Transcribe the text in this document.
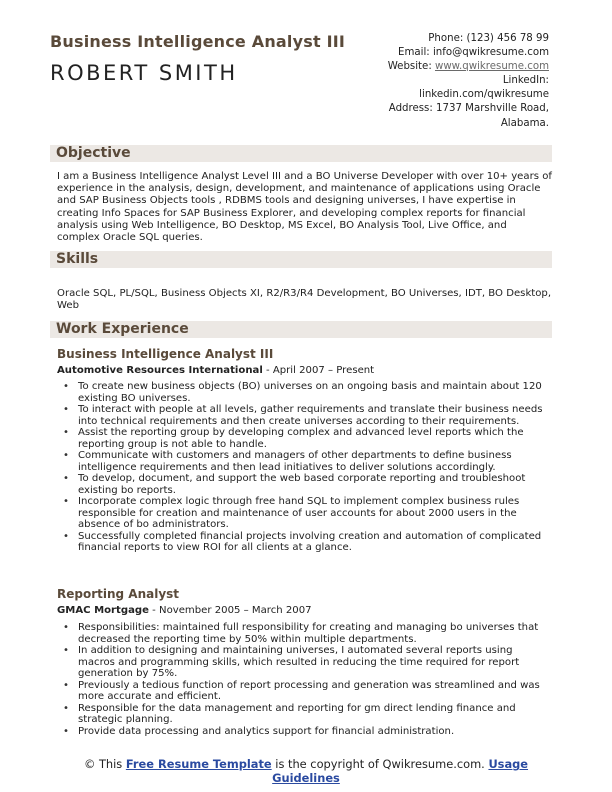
Business Intelligence Analyst III
ROBERT SMITH
Phone: (123) 456 78 99
Email: info@qwikresume.com
Website: www.qwikresume.com
LinkedIn:
linkedin.com/qwikresume
Address: 1737 Marshville Road,
Alabama.
Objective
I am a Business Intelligence Analyst Level III and a BO Universe Developer with over 10+ years of experience in the analysis, design, development, and maintenance of applications using Oracle and SAP Business Objects tools , RDBMS tools and designing universes, I have expertise in creating Info Spaces for SAP Business Explorer, and developing complex reports for financial analysis using Web Intelligence, BO Desktop, MS Excel, BO Analysis Tool, Live Office, and complex Oracle SQL queries.
Skills
Oracle SQL, PL/SQL, Business Objects XI, R2/R3/R4 Development, BO Universes, IDT, BO Desktop, Web
Work Experience
Business Intelligence Analyst III
Automotive Resources International - April 2007 – Present
• To create new business objects (BO) universes on an ongoing basis and maintain about 120 existing BO universes.
• To interact with people at all levels, gather requirements and translate their business needs into technical requirements and then create universes according to their requirements.
• Assist the reporting group by developing complex and advanced level reports which the reporting group is not able to handle.
• Communicate with customers and managers of other departments to define business intelligence requirements and then lead initiatives to deliver solutions accordingly.
• To develop, document, and support the web based corporate reporting and troubleshoot existing bo reports.
• Incorporate complex logic through free hand SQL to implement complex business rules responsible for creation and maintenance of user accounts for about 2000 users in the absence of bo administrators.
• Successfully completed financial projects involving creation and automation of complicated financial reports to view ROI for all clients at a glance.
Reporting Analyst
GMAC Mortgage - November 2005 – March 2007
• Responsibilities: maintained full responsibility for creating and managing bo universes that decreased the reporting time by 50% within multiple departments.
• In addition to designing and maintaining universes, I automated several reports using macros and programming skills, which resulted in reducing the time required for report generation by 75%.
• Previously a tedious function of report processing and generation was streamlined and was more accurate and efficient.
• Responsible for the data management and reporting for gm direct lending finance and strategic planning.
• Provide data processing and analytics support for financial administration.
© This Free Resume Template is the copyright of Qwikresume.com. Usage
Guidelines
